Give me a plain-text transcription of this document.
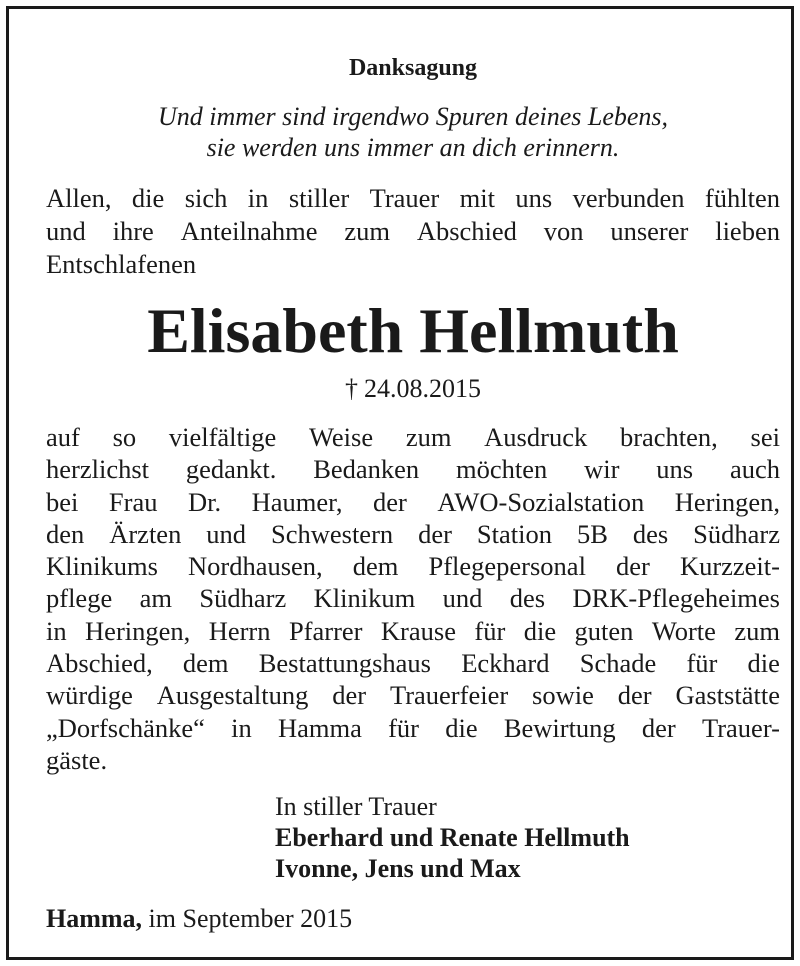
Danksagung
Und immer sind irgendwo Spuren deines Lebens,
sie werden uns immer an dich erinnern.
Allen, die sich in stiller Trauer mit uns verbunden fühlten
und ihre Anteilnahme zum Abschied von unserer lieben
Entschlafenen
Elisabeth Hellmuth
† 24.08.2015
auf so vielfältige Weise zum Ausdruck brachten, sei
herzlichst gedankt. Bedanken möchten wir uns auch
bei Frau Dr. Haumer, der AWO-Sozialstation Heringen,
den Ärzten und Schwestern der Station 5B des Südharz
Klinikums Nordhausen, dem Pflegepersonal der Kurzzeit-
pflege am Südharz Klinikum und des DRK-Pflegeheimes
in Heringen, Herrn Pfarrer Krause für die guten Worte zum
Abschied, dem Bestattungshaus Eckhard Schade für die
würdige Ausgestaltung der Trauerfeier sowie der Gaststätte
„Dorfschänke“ in Hamma für die Bewirtung der Trauer-
gäste.
In stiller Trauer
Eberhard und Renate Hellmuth
Ivonne, Jens und Max
Hamma, im September 2015
